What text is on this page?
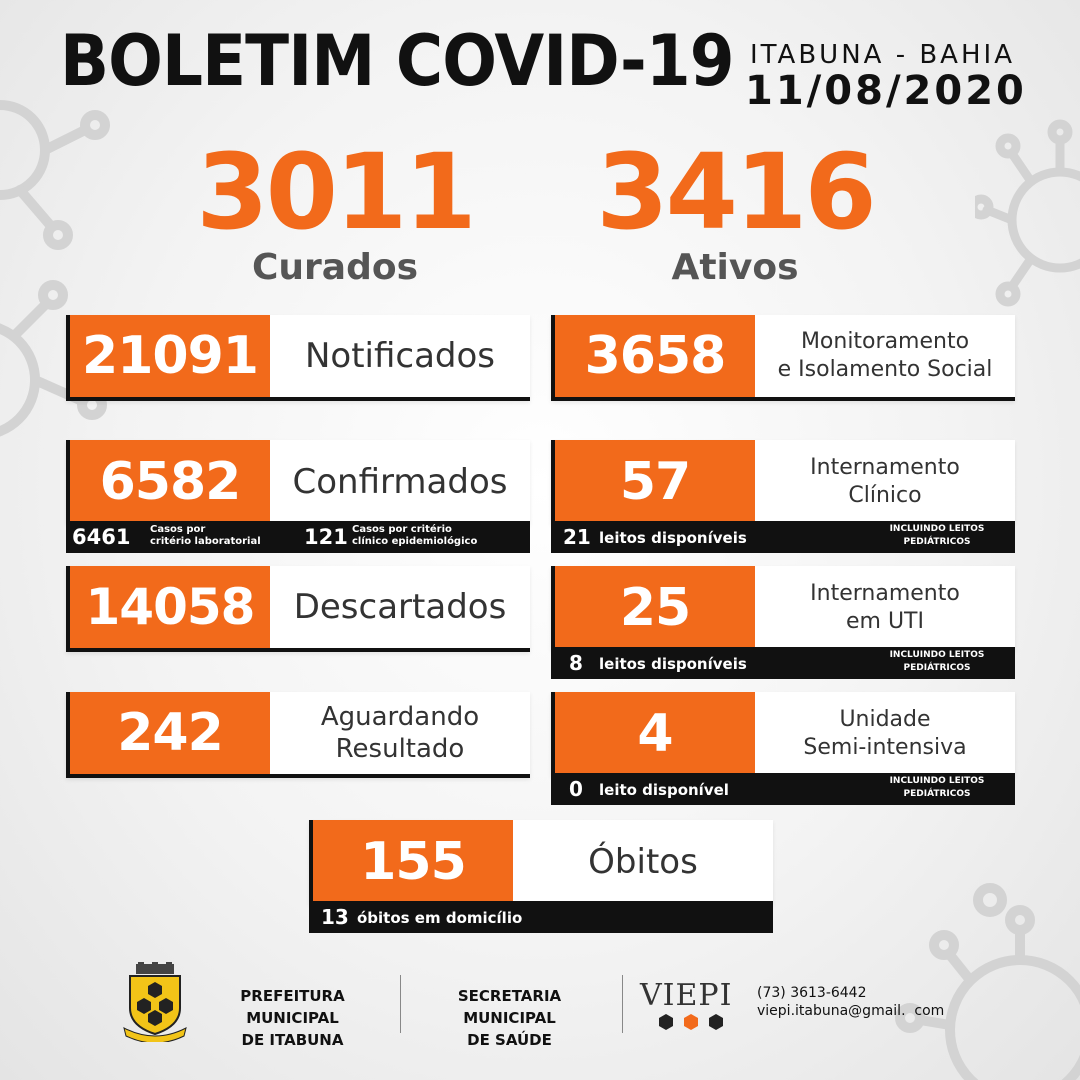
BOLETIM COVID-19 ITABUNA - BAHIA
11/08/2020
3011
Curados
3416
Ativos
21091	Notificados
6582	Confirmados
6461 Casos por
critério laboratorial 121 Casos por critério
clínico epidemiológico
14058	Descartados
242	Aguardando
Resultado
3658	Monitoramento
e Isolamento Social
57	Internamento
Clínico
21 leitos disponíveis	INCLUINDO LEITOS
PEDIÁTRICOS
25	Internamento
em UTI
8 leitos disponíveis	INCLUINDO LEITOS
PEDIÁTRICOS
4	Unidade
Semi-intensiva
0 leito disponível	INCLUINDO LEITOS
PEDIÁTRICOS
155	Óbitos
13 óbitos em domicílio
PREFEITURA MUNICIPAL
DE ITABUNA
SECRETARIA MUNICIPAL
DE SAÚDE
VIEPI (73) 3613-6442
viepi.itabuna@gmail.  com
